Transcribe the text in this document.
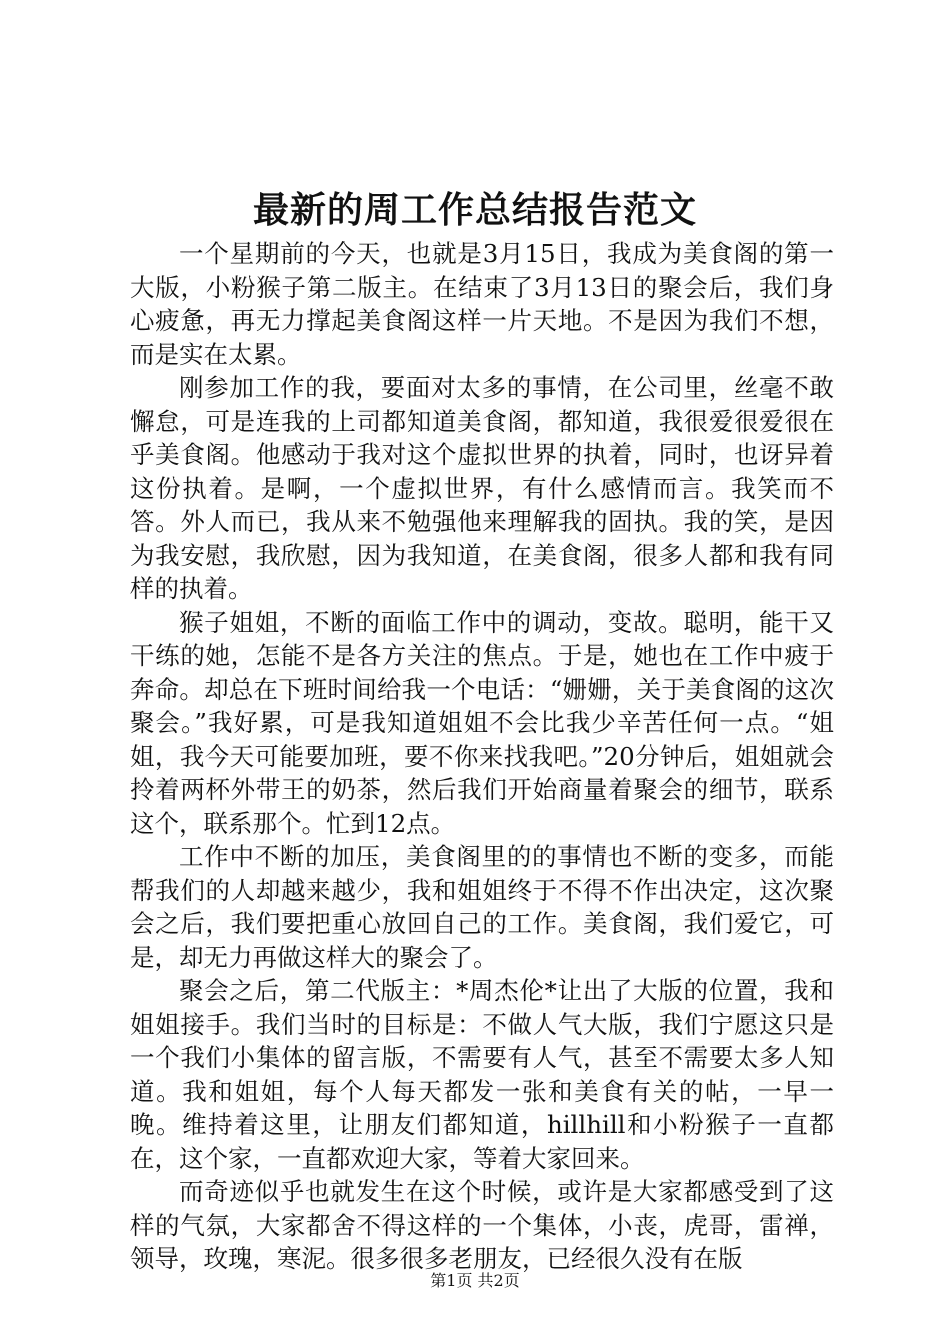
最新的周工作总结报告范文

一个星期前的今天，也就是3月15日，我成为美食阁的第一大版，小粉猴子第二版主。在结束了3月13日的聚会后，我们身心疲惫，再无力撑起美食阁这样一片天地。不是因为我们不想，而是实在太累。

刚参加工作的我，要面对太多的事情，在公司里，丝毫不敢懈怠，可是连我的上司都知道美食阁，都知道，我很爱很爱很在乎美食阁。他感动于我对这个虚拟世界的执着，同时，也讶异着这份执着。是啊，一个虚拟世界，有什么感情而言。我笑而不答。外人而已，我从来不勉强他来理解我的固执。我的笑，是因为我安慰，我欣慰，因为我知道，在美食阁，很多人都和我有同样的执着。

猴子姐姐，不断的面临工作中的调动，变故。聪明，能干又干练的她，怎能不是各方关注的焦点。于是，她也在工作中疲于奔命。却总在下班时间给我一个电话：“姗姗，关于美食阁的这次聚会。”我好累，可是我知道姐姐不会比我少辛苦任何一点。“姐姐，我今天可能要加班，要不你来找我吧。”20分钟后，姐姐就会拎着两杯外带王的奶茶，然后我们开始商量着聚会的细节，联系这个，联系那个。忙到12点。

工作中不断的加压，美食阁里的的事情也不断的变多，而能帮我们的人却越来越少，我和姐姐终于不得不作出决定，这次聚会之后，我们要把重心放回自己的工作。美食阁，我们爱它，可是，却无力再做这样大的聚会了。

聚会之后，第二代版主：*周杰伦*让出了大版的位置，我和姐姐接手。我们当时的目标是：不做人气大版，我们宁愿这只是一个我们小集体的留言版，不需要有人气，甚至不需要太多人知道。我和姐姐，每个人每天都发一张和美食有关的帖，一早一晚。维持着这里，让朋友们都知道，hillhill和小粉猴子一直都在，这个家，一直都欢迎大家，等着大家回来。

而奇迹似乎也就发生在这个时候，或许是大家都感受到了这样的气氛，大家都舍不得这样的一个集体，小丧，虎哥，雷禅，领导，玫瑰，寒泥。很多很多老朋友，已经很久没有在版

第1页 共2页
